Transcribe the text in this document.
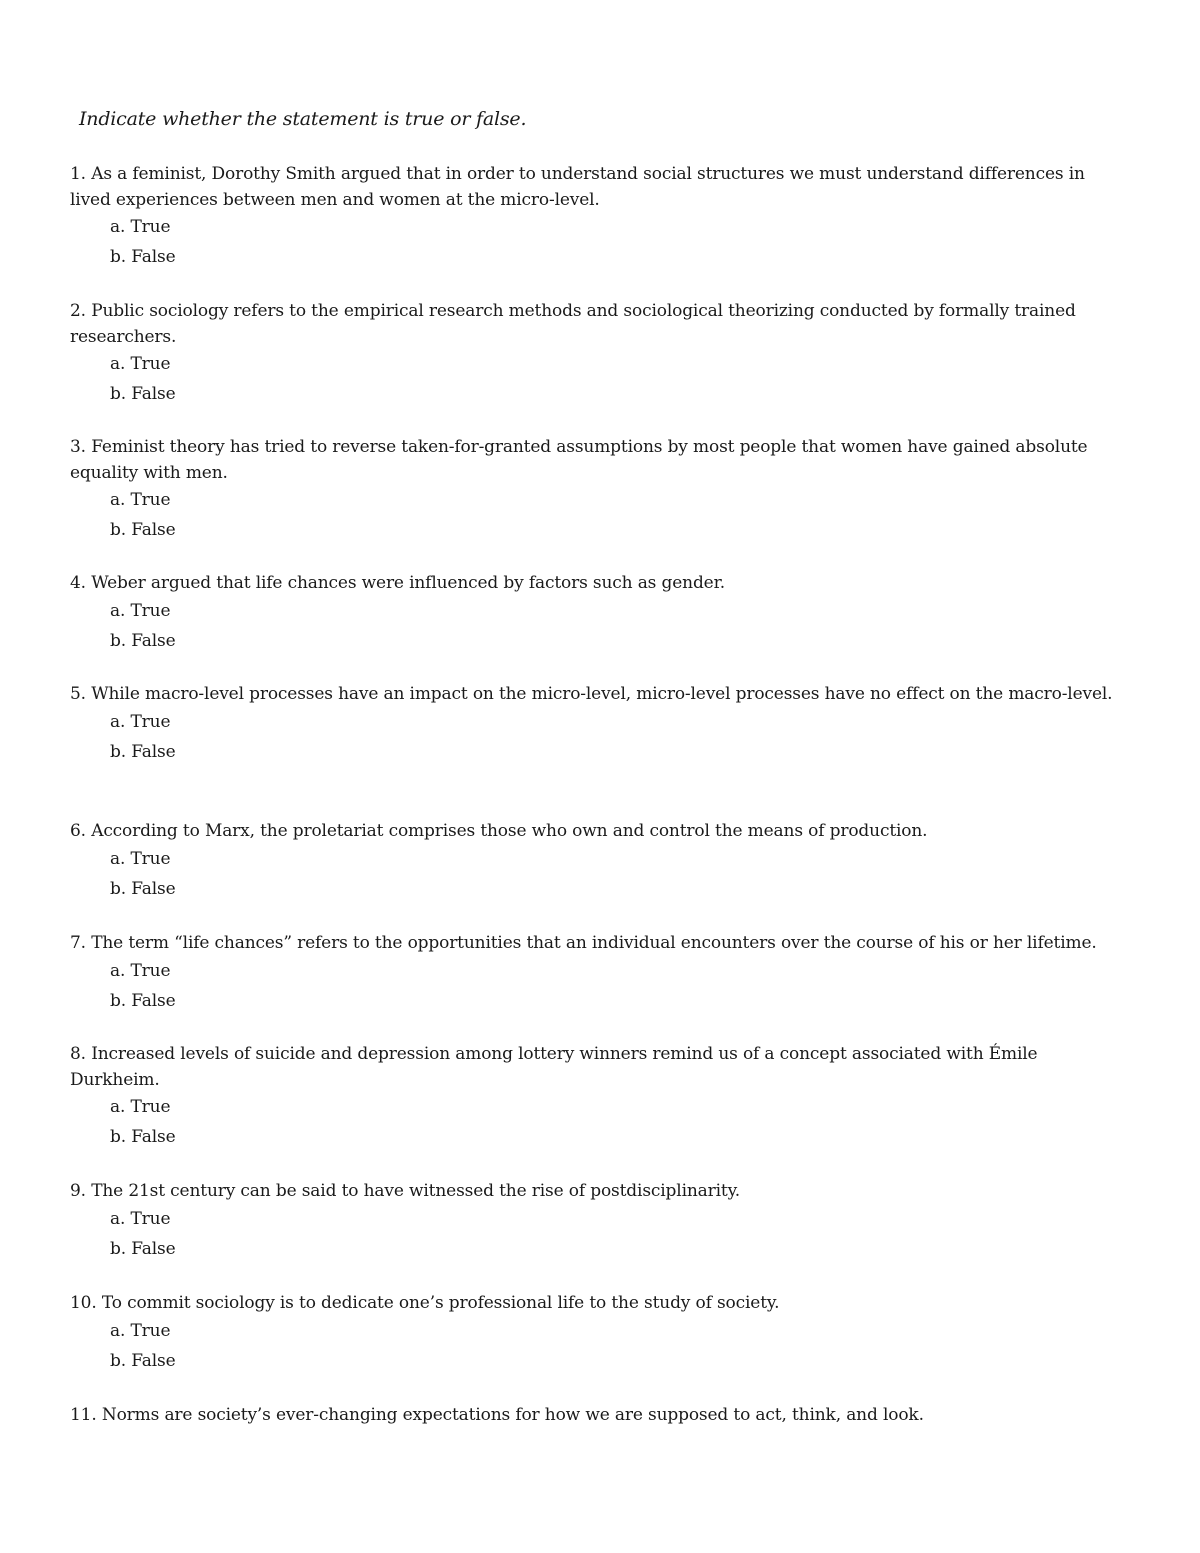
Indicate whether the statement is true or false.

1. As a feminist, Dorothy Smith argued that in order to understand social structures we must understand differences in lived experiences between men and women at the micro-level.

a. True
b. False

2. Public sociology refers to the empirical research methods and sociological theorizing conducted by formally trained researchers.

a. True
b. False

3. Feminist theory has tried to reverse taken-for-granted assumptions by most people that women have gained absolute equality with men.

a. True
b. False

4. Weber argued that life chances were influenced by factors such as gender.

a. True
b. False

5. While macro-level processes have an impact on the micro-level, micro-level processes have no effect on the macro-level.

a. True
b. False

6. According to Marx, the proletariat comprises those who own and control the means of production.

a. True
b. False

7. The term “life chances” refers to the opportunities that an individual encounters over the course of his or her lifetime.

a. True
b. False

8. Increased levels of suicide and depression among lottery winners remind us of a concept associated with Émile Durkheim.

a. True
b. False

9. The 21st century can be said to have witnessed the rise of postdisciplinarity.

a. True
b. False

10. To commit sociology is to dedicate one’s professional life to the study of society.

a. True
b. False

11. Norms are society’s ever-changing expectations for how we are supposed to act, think, and look.
